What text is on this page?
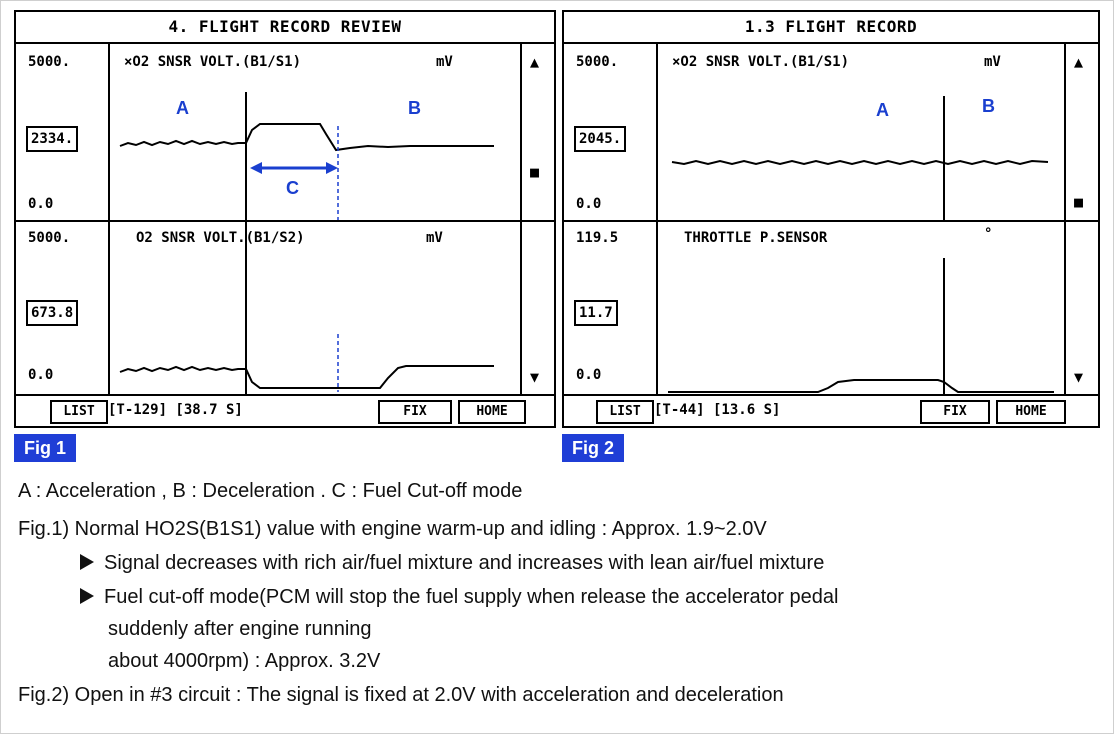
4. FLIGHT RECORD REVIEW
5000.
2334.
0.0
×O2 SNSR VOLT.(B1/S1)	mV
5000.
673.8
0.0
O2 SNSR VOLT.(B1/S2)	mV
A	B
C
▲
■
▼
LIST [T-129] [38.7 S]	FIX	HOME
1.3 FLIGHT RECORD
5000.
2045.
0.0
×O2 SNSR VOLT.(B1/S1)	mV
119.5
11.7
0.0
THROTTLE P.SENSOR	°
A	B
▲
■
▼
LIST [T-44] [13.6 S]	FIX	HOME
Fig 1	Fig 2
A : Acceleration , B : Deceleration . C : Fuel Cut-off mode
Fig.1) Normal HO2S(B1S1) value with engine warm-up and idling : Approx. 1.9~2.0V
Signal decreases with rich air/fuel mixture and increases with lean air/fuel mixture
Fuel cut-off mode(PCM will stop the fuel supply when release the accelerator pedal
suddenly after engine running
about 4000rpm) : Approx. 3.2V
Fig.2) Open in #3 circuit : The signal is fixed at 2.0V with acceleration and deceleration
